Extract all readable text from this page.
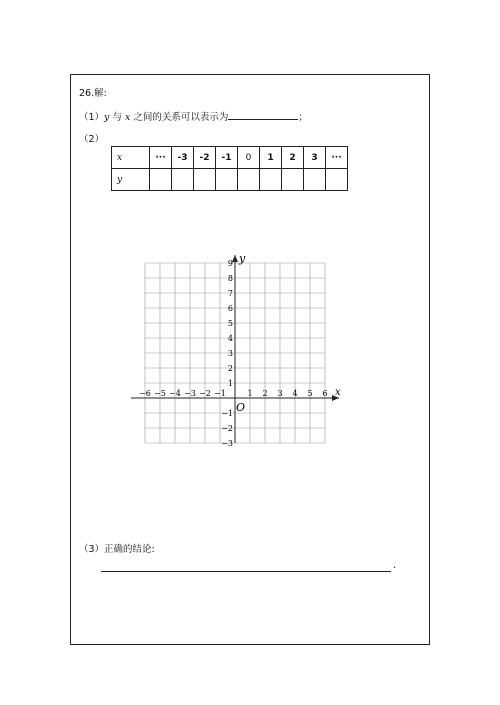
26.解:
（1）y 与 x 之间的关系可以表示为	；
（2）
x	···	-3	-2	-1	0	1	2	3	···
y									
−6 −5 −4 −3 −2 −1	1 2 3 4 5 6
9
8
7
6
5
4
3
2
1
−1
−2
−3
y
x
O
（3）正确的结论:
.
